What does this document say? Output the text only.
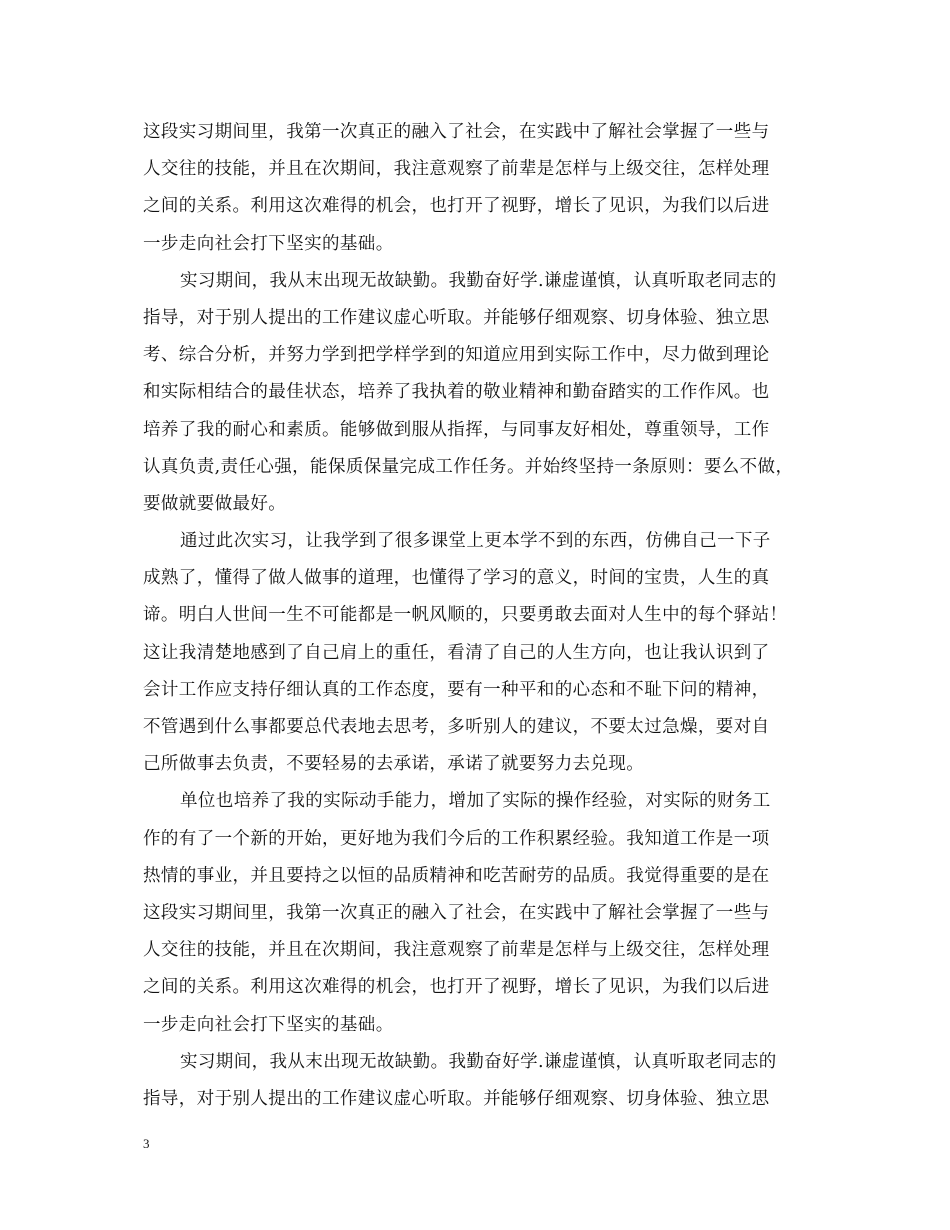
这段实习期间里，我第一次真正的融入了社会，在实践中了解社会掌握了一些与
人交往的技能，并且在次期间，我注意观察了前辈是怎样与上级交往，怎样处理
之间的关系。利用这次难得的机会，也打开了视野，增长了见识，为我们以后进
一步走向社会打下坚实的基础。
实习期间，我从末出现无故缺勤。我勤奋好学.谦虚谨慎，认真听取老同志的
指导，对于别人提出的工作建议虚心听取。并能够仔细观察、切身体验、独立思
考、综合分析，并努力学到把学样学到的知道应用到实际工作中，尽力做到理论
和实际相结合的最佳状态，培养了我执着的敬业精神和勤奋踏实的工作作风。也
培养了我的耐心和素质。能够做到服从指挥，与同事友好相处，尊重领导，工作
认真负责,责任心强，能保质保量完成工作任务。并始终坚持一条原则：要么不做，
要做就要做最好。
通过此次实习，让我学到了很多课堂上更本学不到的东西，仿佛自己一下子
成熟了，懂得了做人做事的道理，也懂得了学习的意义，时间的宝贵，人生的真
谛。明白人世间一生不可能都是一帆风顺的，只要勇敢去面对人生中的每个驿站！
这让我清楚地感到了自己肩上的重任，看清了自己的人生方向，也让我认识到了
会计工作应支持仔细认真的工作态度，要有一种平和的心态和不耻下问的精神，
不管遇到什么事都要总代表地去思考，多听别人的建议，不要太过急燥，要对自
己所做事去负责，不要轻易的去承诺，承诺了就要努力去兑现。
单位也培养了我的实际动手能力，增加了实际的操作经验，对实际的财务工
作的有了一个新的开始，更好地为我们今后的工作积累经验。我知道工作是一项
热情的事业，并且要持之以恒的品质精神和吃苦耐劳的品质。我觉得重要的是在
这段实习期间里，我第一次真正的融入了社会，在实践中了解社会掌握了一些与
人交往的技能，并且在次期间，我注意观察了前辈是怎样与上级交往，怎样处理
之间的关系。利用这次难得的机会，也打开了视野，增长了见识，为我们以后进
一步走向社会打下坚实的基础。
实习期间，我从末出现无故缺勤。我勤奋好学.谦虚谨慎，认真听取老同志的
指导，对于别人提出的工作建议虚心听取。并能够仔细观察、切身体验、独立思
3
